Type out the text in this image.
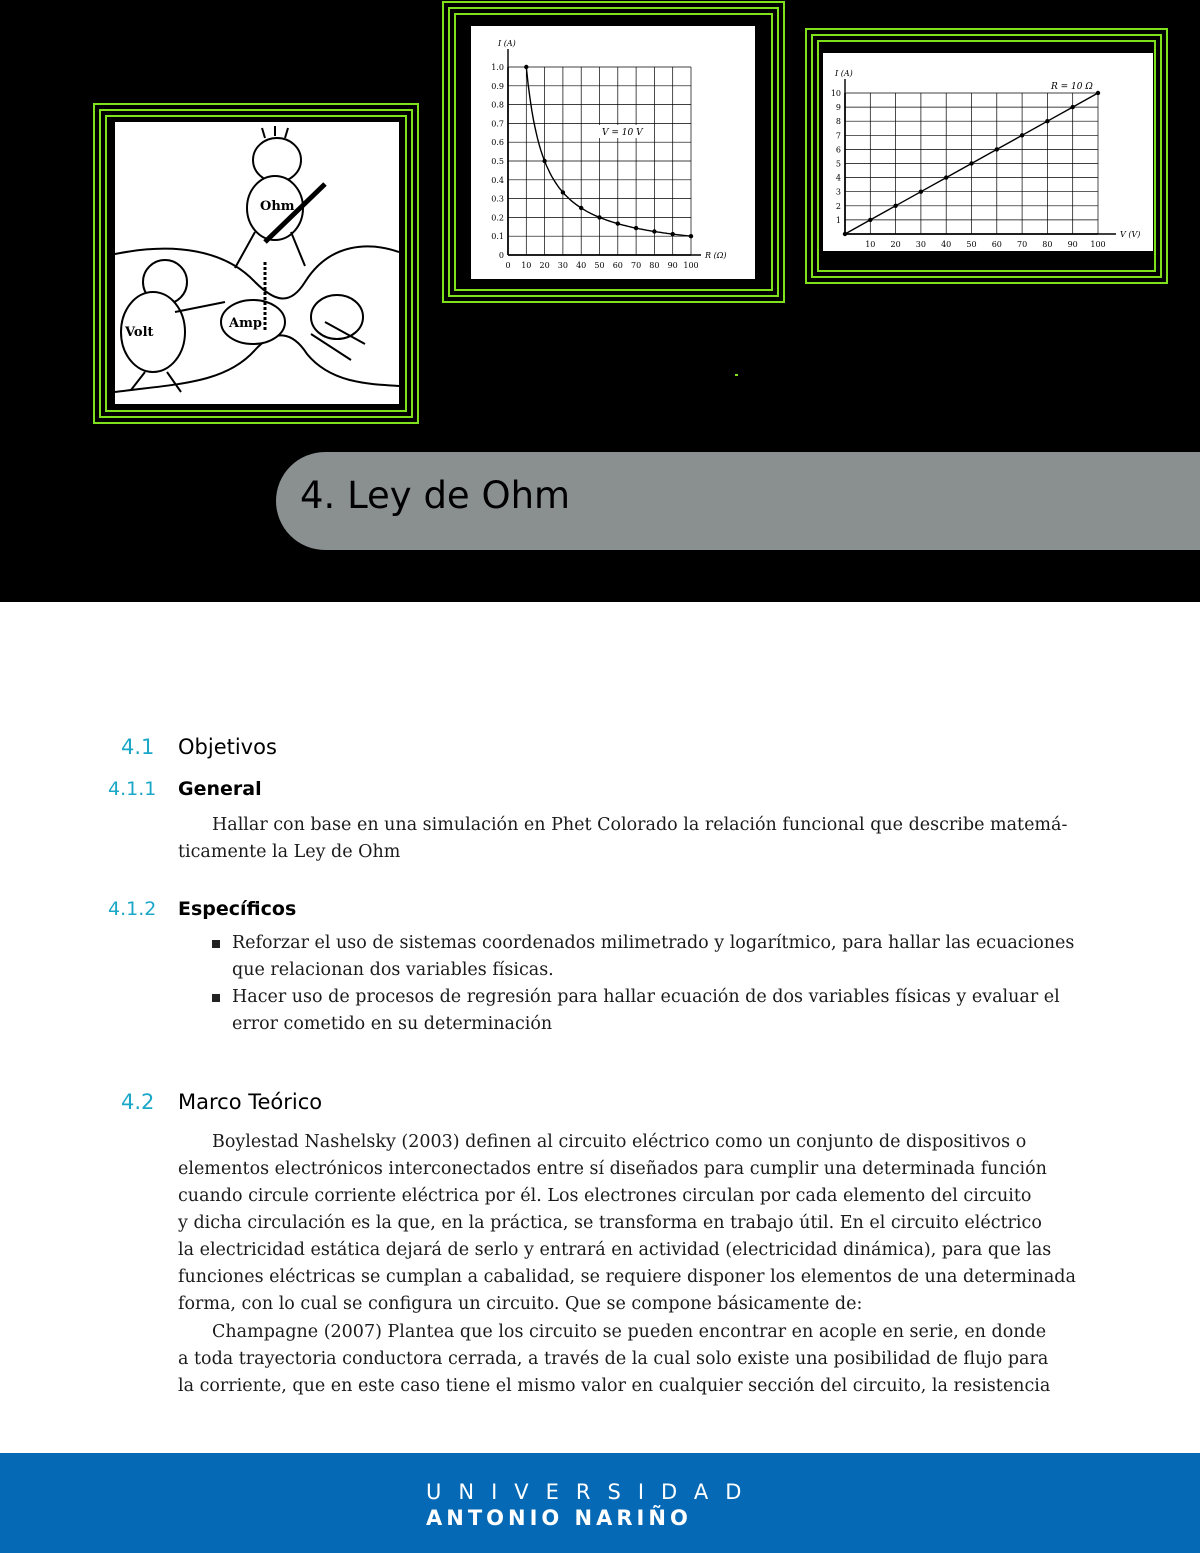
Ohm
Volt
Amp
0 10 20 30 40 50 60 70 80 90 100
0
0.1
0.2
0.3
0.4
0.5
0.6
0.7
0.8
0.9
1.0
I (A)
R (Ω)
V = 10 V
10 20 30 40 50 60 70 80 90 100
1
2
3
4
5
6
7
8
9
10
I (A)
V (V)
R = 10 Ω
4. Ley de Ohm
4.1 Objetivos
4.1.1 General
Hallar con base en una simulación en Phet Colorado la relación funcional que describe matemá-
ticamente la Ley de Ohm
4.1.2 Específicos
Reforzar el uso de sistemas coordenados milimetrado y logarítmico, para hallar las ecuaciones
que relacionan dos variables físicas.
Hacer uso de procesos de regresión para hallar ecuación de dos variables físicas y evaluar el
error cometido en su determinación
4.2 Marco Teórico
Boylestad Nashelsky (2003) definen al circuito eléctrico como un conjunto de dispositivos o
elementos electrónicos interconectados entre sí diseñados para cumplir una determinada función
cuando circule corriente eléctrica por él. Los electrones circulan por cada elemento del circuito
y dicha circulación es la que, en la práctica, se transforma en trabajo útil. En el circuito eléctrico
la electricidad estática dejará de serlo y entrará en actividad (electricidad dinámica), para que las
funciones eléctricas se cumplan a cabalidad, se requiere disponer los elementos de una determinada
forma, con lo cual se configura un circuito. Que se compone básicamente de:
Champagne (2007) Plantea que los circuito se pueden encontrar en acople en serie, en donde
a toda trayectoria conductora cerrada, a través de la cual solo existe una posibilidad de flujo para
la corriente, que en este caso tiene el mismo valor en cualquier sección del circuito, la resistencia
UNIVERSIDAD
ANTONIO NARIÑO
